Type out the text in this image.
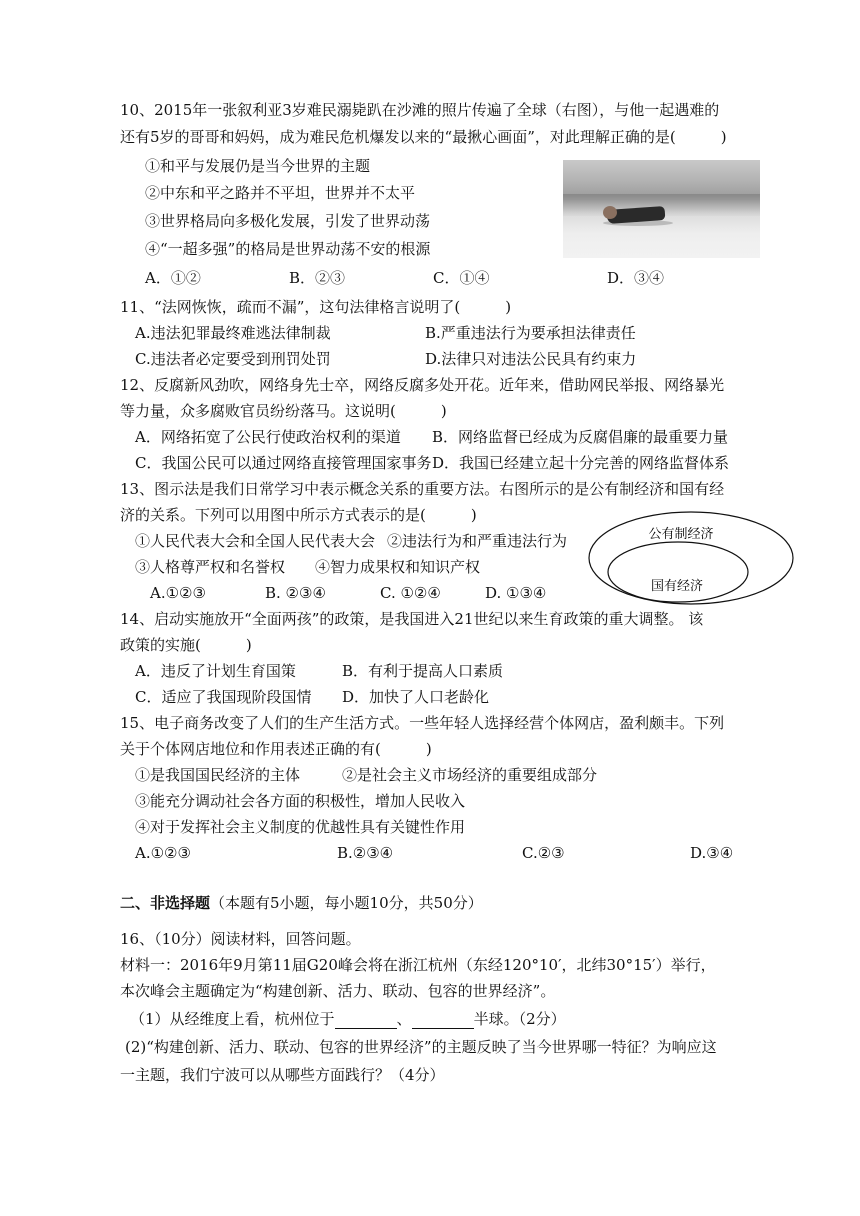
10、2015年一张叙利亚3岁难民溺毙趴在沙滩的照片传遍了全球（右图），与他一起遇难的
还有5岁的哥哥和妈妈，成为难民危机爆发以来的“最揪心画面”，对此理解正确的是(　　　)
①和平与发展仍是当今世界的主题
②中东和平之路并不平坦，世界并不太平
③世界格局向多极化发展，引发了世界动荡
④“一超多强”的格局是世界动荡不安的根源
A．①②	B．②③	C．①④	D．③④
11、“法网恢恢，疏而不漏”，这句法律格言说明了(　　　)
A.违法犯罪最终难逃法律制裁	B.严重违法行为要承担法律责任
C.违法者必定要受到刑罚处罚	D.法律只对违法公民具有约束力
12、反腐新风劲吹，网络身先士卒，网络反腐多处开花。近年来，借助网民举报、网络暴光
等力量，众多腐败官员纷纷落马。这说明(　　　)
A．网络拓宽了公民行使政治权利的渠道 B．网络监督已经成为反腐倡廉的最重要力量
C．我国公民可以通过网络直接管理国家事务 D．我国已经建立起十分完善的网络监督体系
13、图示法是我们日常学习中表示概念关系的重要方法。右图所示的是公有制经济和国有经
济的关系。下列可以用图中所示方式表示的是(　　　)
①人民代表大会和全国人民代表大会 ②违法行为和严重违法行为
③人格尊严权和名誉权 ④智力成果权和知识产权
A.①②③	B. ②③④	C. ①②④	D. ①③④
公有制经济
国有经济
14、启动实施放开“全面两孩”的政策，是我国进入21世纪以来生育政策的重大调整。 该
政策的实施(　　　)
A．违反了计划生育国策	B．有利于提高人口素质
C．适应了我国现阶段国情 D．加快了人口老龄化
15、电子商务改变了人们的生产生活方式。一些年轻人选择经营个体网店，盈利颇丰。下列
关于个体网店地位和作用表述正确的有(　　　)
①是我国国民经济的主体	②是社会主义市场经济的重要组成部分
③能充分调动社会各方面的积极性，增加人民收入
④对于发挥社会主义制度的优越性具有关键性作用
A.①②③	B.②③④	C.②③	D.③④
二、非选择题（本题有5小题，每小题10分，共50分）
16、（10分）阅读材料，回答问题。
材料一：2016年9月第11届G20峰会将在浙江杭州（东经120°10′，北纬30°15′）举行，
本次峰会主题确定为“构建创新、活力、联动、包容的世界经济”。
（1）从经维度上看，杭州位于	、	半球。（2分）
(2)“构建创新、活力、联动、包容的世界经济”的主题反映了当今世界哪一特征？为响应这
一主题，我们宁波可以从哪些方面践行？（4分）
